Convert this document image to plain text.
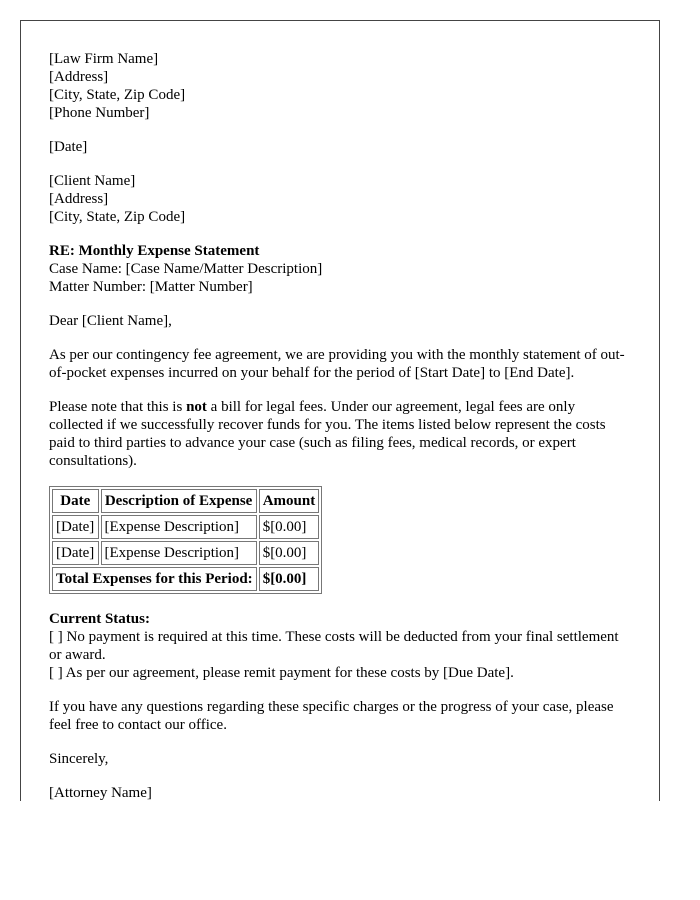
[Law Firm Name]
[Address]
[City, State, Zip Code]
[Phone Number]
[Date]
[Client Name]
[Address]
[City, State, Zip Code]
RE: Monthly Expense Statement
Case Name: [Case Name/Matter Description]
Matter Number: [Matter Number]

Dear [Client Name],

As per our contingency fee agreement, we are providing you with the monthly statement of out-of-pocket expenses incurred on your behalf for the period of [Start Date] to [End Date].

Please note that this is not a bill for legal fees. Under our agreement, legal fees are only collected if we successfully recover funds for you. The items listed below represent the costs paid to third parties to advance your case (such as filing fees, medical records, or expert consultations).

Date	Description of Expense	Amount
[Date]	[Expense Description]	$[0.00]
[Date]	[Expense Description]	$[0.00]
Total Expenses for this Period:		$[0.00]
Current Status:
[ ] No payment is required at this time. These costs will be deducted from your final settlement or award.
[ ] As per our agreement, please remit payment for these costs by [Due Date].

If you have any questions regarding these specific charges or the progress of your case, please feel free to contact our office.

Sincerely,

[Attorney Name]
